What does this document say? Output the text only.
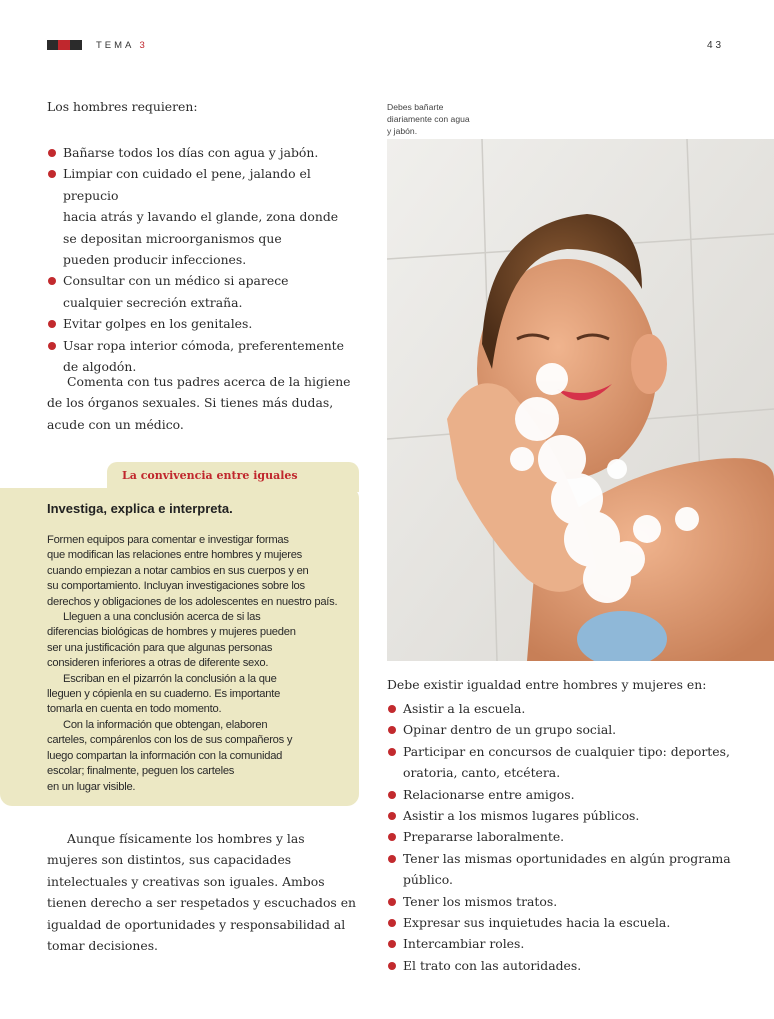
TEMA 3	43
Los hombres requieren:
Bañarse todos los días con agua y jabón.
Limpiar con cuidado el pene, jalando el prepucio
hacia atrás y lavando el glande, zona donde
se depositan microorganismos que
pueden producir infecciones.
Consultar con un médico si aparece
cualquier secreción extraña.
Evitar golpes en los genitales.
Usar ropa interior cómoda, preferentemente
de algodón.

Comenta con tus padres acerca de la higiene de los órganos sexuales. Si tienes más dudas, acude con un médico.

La convivencia entre iguales
Investiga, explica e interpreta.

Formen equipos para comentar e investigar formas
que modifican las relaciones entre hombres y mujeres
cuando empiezan a notar cambios en sus cuerpos y en
su comportamiento. Incluyan investigaciones sobre los
derechos y obligaciones de los adolescentes en nuestro país.
Lleguen a una conclusión acerca de si las
diferencias biológicas de hombres y mujeres pueden
ser una justificación para que algunas personas
consideren inferiores a otras de diferente sexo.
Escriban en el pizarrón la conclusión a la que
lleguen y cópienla en su cuaderno. Es importante
tomarla en cuenta en todo momento.
Con la información que obtengan, elaboren
carteles, compárenlos con los de sus compañeros y
luego compartan la información con la comunidad
escolar; finalmente, peguen los carteles
en un lugar visible.

Aunque físicamente los hombres y las mujeres son distintos, sus capacidades intelectuales y creativas son iguales. Ambos tienen derecho a ser respetados y escuchados en igualdad de oportunidades y responsabilidad al tomar decisiones.

Debes bañarte
diariamente con agua
y jabón.

Debe existir igualdad entre hombres y mujeres en:
Asistir a la escuela.
Opinar dentro de un grupo social.
Participar en concursos de cualquier tipo: deportes,
oratoria, canto, etcétera.
Relacionarse entre amigos.
Asistir a los mismos lugares públicos.
Prepararse laboralmente.
Tener las mismas oportunidades en algún programa
público.
Tener los mismos tratos.
Expresar sus inquietudes hacia la escuela.
Intercambiar roles.
El trato con las autoridades.
